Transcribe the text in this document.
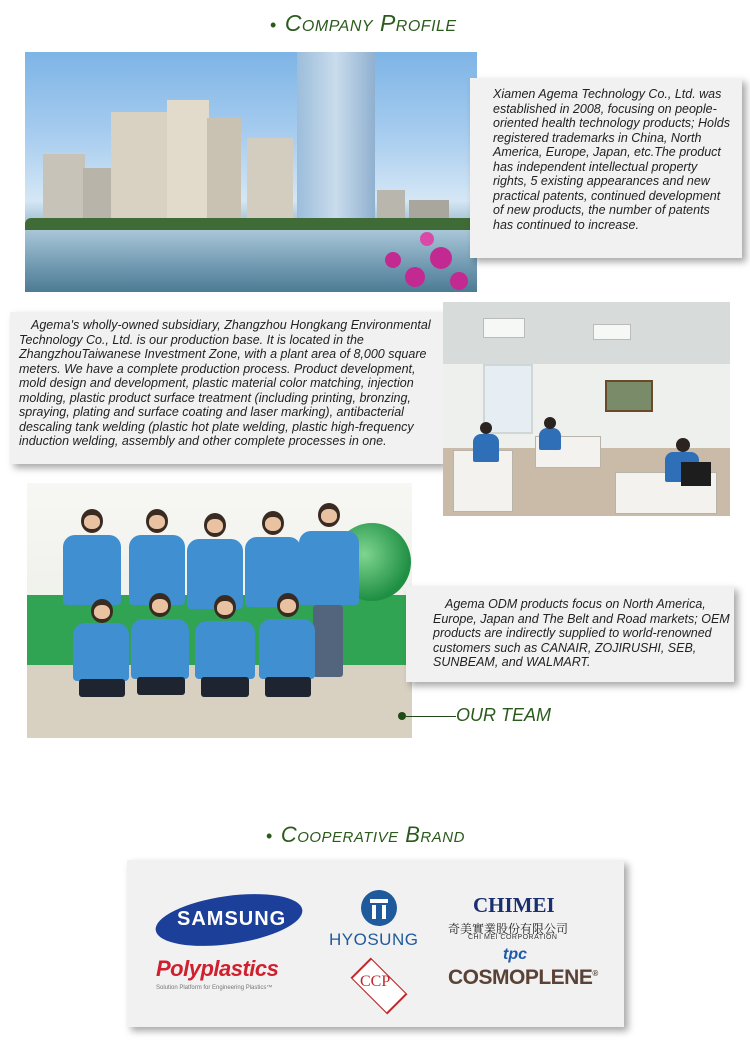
• Company Profile
Xiamen Agema Technology Co., Ltd. was established in 2008, focusing on people-oriented health technology products; Holds registered trademarks in China, North America, Europe, Japan, etc.The product has independent intellectual property rights, 5 existing appearances and new practical patents, continued development of new products, the number of patents has continued to increase.
Agema's wholly-owned subsidiary, Zhangzhou Hongkang Environmental Technology Co., Ltd. is our production base. It is located in the ZhangzhouTaiwanese Investment Zone, with a plant area of 8,000 square meters. We have a complete production process. Product development, mold design and development, plastic material color matching, injection molding, plastic product surface treatment (including printing, bronzing, spraying, plating and surface coating and laser marking), antibacterial descaling tank welding (plastic hot plate welding, plastic high-frequency induction welding, assembly and other complete processes in one.
Agema ODM products focus on North America, Europe, Japan and The Belt and Road markets; OEM products are indirectly supplied to world-renowned customers such as CANAIR, ZOJIRUSHI, SEB, SUNBEAM, and WALMART.
OUR TEAM
• Cooperative Brand
SAMSUNG
HYOSUNG
CHIMEI
奇美實業股份有限公司
CHI MEI CORPORATION
Polyplastics
Solution Platform for Engineering Plastics™	CCP
tpc
COSMOPLENE®
